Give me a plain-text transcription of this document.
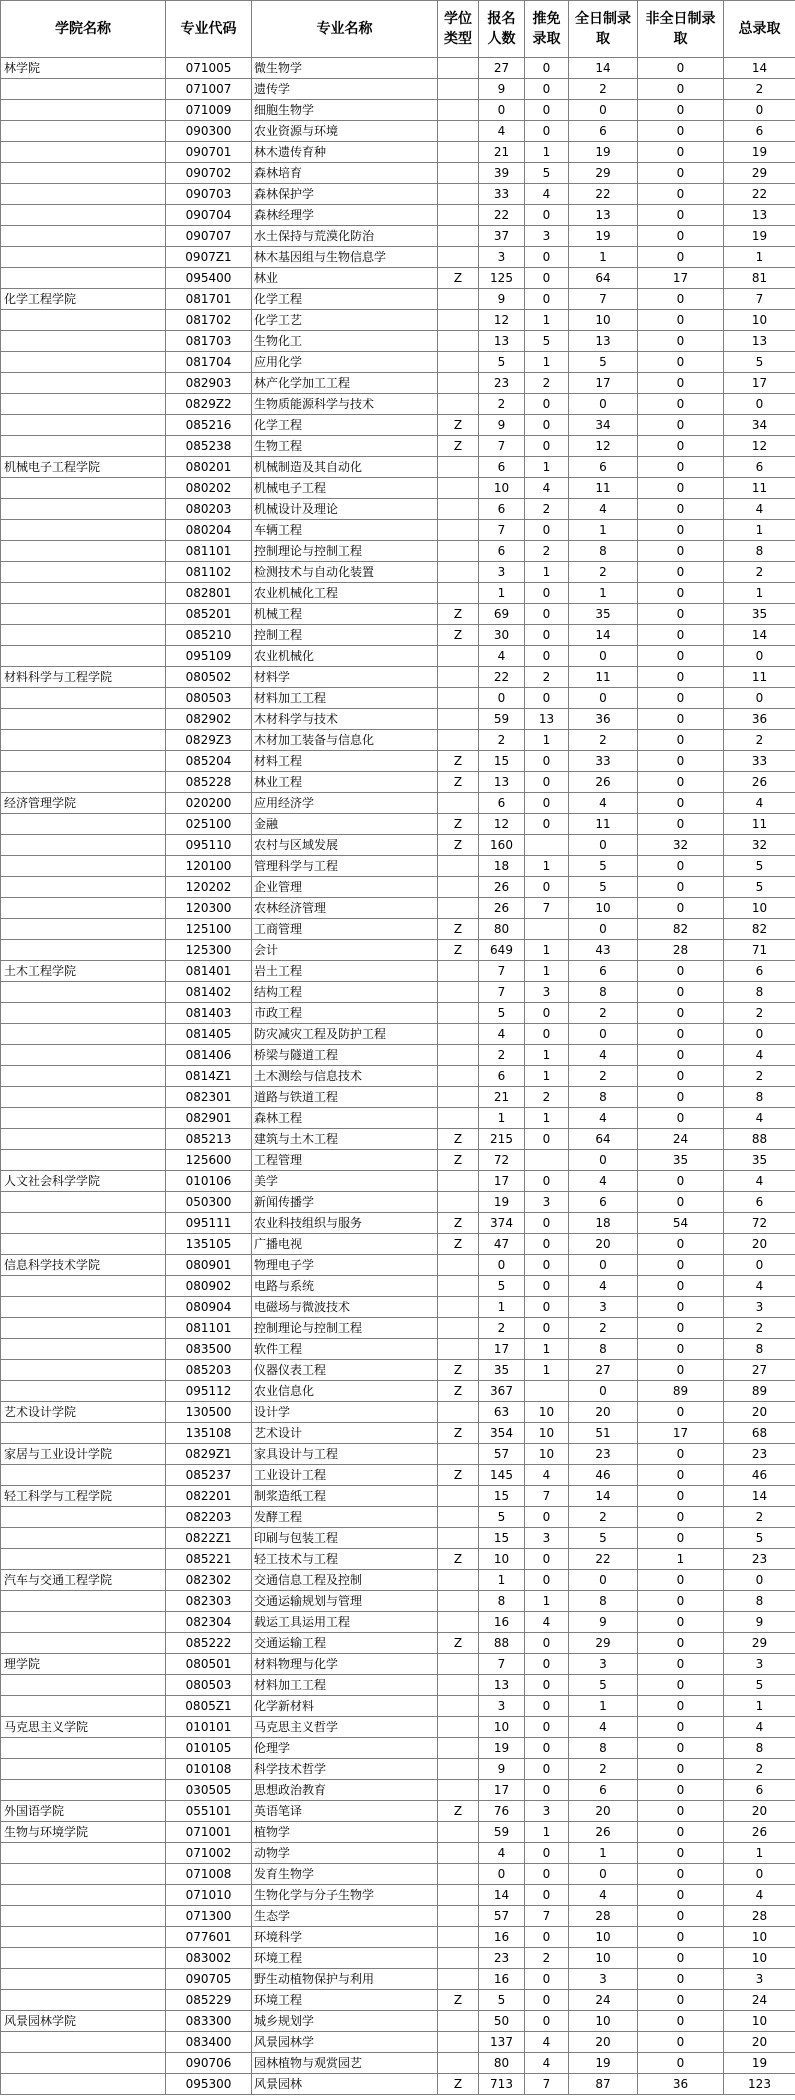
学院名称	专业代码	专业名称	学位类型	报名人数	推免录取	全日制录取	非全日制录取	总录取
林学院	071005	微生物学		27	0	14	0	14
	071007	遗传学		9	0	2	0	2
	071009	细胞生物学		0	0	0	0	0
	090300	农业资源与环境		4	0	6	0	6
	090701	林木遗传育种		21	1	19	0	19
	090702	森林培育		39	5	29	0	29
	090703	森林保护学		33	4	22	0	22
	090704	森林经理学		22	0	13	0	13
	090707	水土保持与荒漠化防治		37	3	19	0	19
	0907Z1	林木基因组与生物信息学		3	0	1	0	1
	095400	林业	Z	125	0	64	17	81
化学工程学院	081701	化学工程		9	0	7	0	7
	081702	化学工艺		12	1	10	0	10
	081703	生物化工		13	5	13	0	13
	081704	应用化学		5	1	5	0	5
	082903	林产化学加工工程		23	2	17	0	17
	0829Z2	生物质能源科学与技术		2	0	0	0	0
	085216	化学工程	Z	9	0	34	0	34
	085238	生物工程	Z	7	0	12	0	12
机械电子工程学院	080201	机械制造及其自动化		6	1	6	0	6
	080202	机械电子工程		10	4	11	0	11
	080203	机械设计及理论		6	2	4	0	4
	080204	车辆工程		7	0	1	0	1
	081101	控制理论与控制工程		6	2	8	0	8
	081102	检测技术与自动化装置		3	1	2	0	2
	082801	农业机械化工程		1	0	1	0	1
	085201	机械工程	Z	69	0	35	0	35
	085210	控制工程	Z	30	0	14	0	14
	095109	农业机械化		4	0	0	0	0
材料科学与工程学院	080502	材料学		22	2	11	0	11
	080503	材料加工工程		0	0	0	0	0
	082902	木材科学与技术		59	13	36	0	36
	0829Z3	木材加工装备与信息化		2	1	2	0	2
	085204	材料工程	Z	15	0	33	0	33
	085228	林业工程	Z	13	0	26	0	26
经济管理学院	020200	应用经济学		6	0	4	0	4
	025100	金融	Z	12	0	11	0	11
	095110	农村与区域发展	Z	160		0	32	32
	120100	管理科学与工程		18	1	5	0	5
	120202	企业管理		26	0	5	0	5
	120300	农林经济管理		26	7	10	0	10
	125100	工商管理	Z	80		0	82	82
	125300	会计	Z	649	1	43	28	71
土木工程学院	081401	岩土工程		7	1	6	0	6
	081402	结构工程		7	3	8	0	8
	081403	市政工程		5	0	2	0	2
	081405	防灾减灾工程及防护工程		4	0	0	0	0
	081406	桥梁与隧道工程		2	1	4	0	4
	0814Z1	土木测绘与信息技术		6	1	2	0	2
	082301	道路与铁道工程		21	2	8	0	8
	082901	森林工程		1	1	4	0	4
	085213	建筑与土木工程	Z	215	0	64	24	88
	125600	工程管理	Z	72		0	35	35
人文社会科学学院	010106	美学		17	0	4	0	4
	050300	新闻传播学		19	3	6	0	6
	095111	农业科技组织与服务	Z	374	0	18	54	72
	135105	广播电视	Z	47	0	20	0	20
信息科学技术学院	080901	物理电子学		0	0	0	0	0
	080902	电路与系统		5	0	4	0	4
	080904	电磁场与微波技术		1	0	3	0	3
	081101	控制理论与控制工程		2	0	2	0	2
	083500	软件工程		17	1	8	0	8
	085203	仪器仪表工程	Z	35	1	27	0	27
	095112	农业信息化	Z	367		0	89	89
艺术设计学院	130500	设计学		63	10	20	0	20
	135108	艺术设计	Z	354	10	51	17	68
家居与工业设计学院	0829Z1	家具设计与工程		57	10	23	0	23
	085237	工业设计工程	Z	145	4	46	0	46
轻工科学与工程学院	082201	制浆造纸工程		15	7	14	0	14
	082203	发酵工程		5	0	2	0	2
	0822Z1	印刷与包装工程		15	3	5	0	5
	085221	轻工技术与工程	Z	10	0	22	1	23
汽车与交通工程学院	082302	交通信息工程及控制		1	0	0	0	0
	082303	交通运输规划与管理		8	1	8	0	8
	082304	载运工具运用工程		16	4	9	0	9
	085222	交通运输工程	Z	88	0	29	0	29
理学院	080501	材料物理与化学		7	0	3	0	3
	080503	材料加工工程		13	0	5	0	5
	0805Z1	化学新材料		3	0	1	0	1
马克思主义学院	010101	马克思主义哲学		10	0	4	0	4
	010105	伦理学		19	0	8	0	8
	010108	科学技术哲学		9	0	2	0	2
	030505	思想政治教育		17	0	6	0	6
外国语学院	055101	英语笔译	Z	76	3	20	0	20
生物与环境学院	071001	植物学		59	1	26	0	26
	071002	动物学		4	0	1	0	1
	071008	发育生物学		0	0	0	0	0
	071010	生物化学与分子生物学		14	0	4	0	4
	071300	生态学		57	7	28	0	28
	077601	环境科学		16	0	10	0	10
	083002	环境工程		23	2	10	0	10
	090705	野生动植物保护与利用		16	0	3	0	3
	085229	环境工程	Z	5	0	24	0	24
风景园林学院	083300	城乡规划学		50	0	10	0	10
	083400	风景园林学		137	4	20	0	20
	090706	园林植物与观赏园艺		80	4	19	0	19
	095300	风景园林	Z	713	7	87	36	123
